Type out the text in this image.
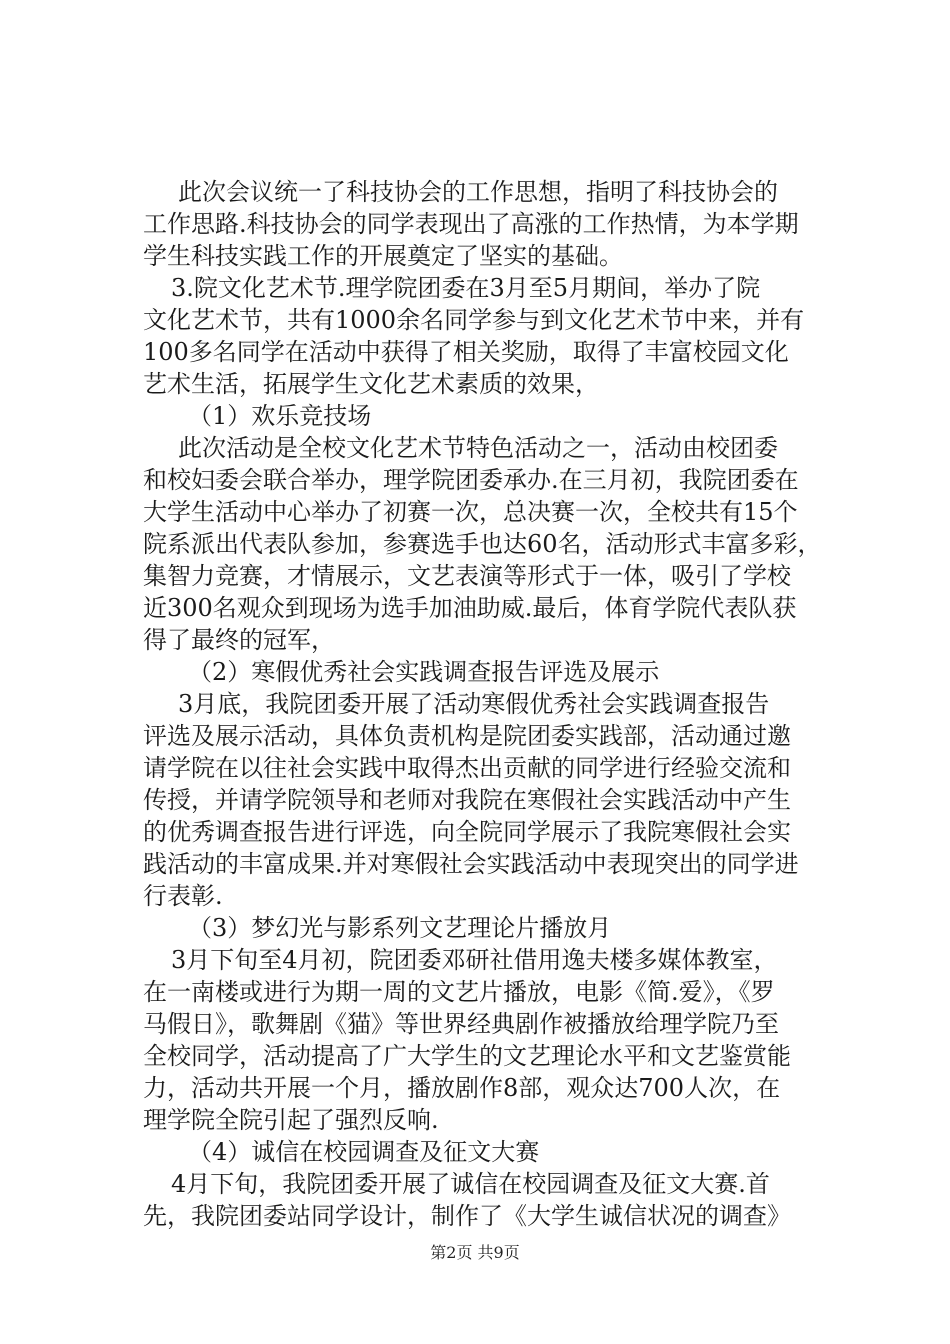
此次会议统一了科技协会的工作思想，指明了科技协会的
工作思路.科技协会的同学表现出了高涨的工作热情，为本学期
学生科技实践工作的开展奠定了坚实的基础。
3.院文化艺术节.理学院团委在3月至5月期间，举办了院
文化艺术节，共有1000余名同学参与到文化艺术节中来，并有
100多名同学在活动中获得了相关奖励，取得了丰富校园文化
艺术生活，拓展学生文化艺术素质的效果，
（1）欢乐竞技场
此次活动是全校文化艺术节特色活动之一，活动由校团委
和校妇委会联合举办，理学院团委承办.在三月初，我院团委在
大学生活动中心举办了初赛一次，总决赛一次，全校共有15个
院系派出代表队参加，参赛选手也达60名，活动形式丰富多彩，
集智力竞赛，才情展示，文艺表演等形式于一体，吸引了学校
近300名观众到现场为选手加油助威.最后，体育学院代表队获
得了最终的冠军，
（2）寒假优秀社会实践调查报告评选及展示
3月底，我院团委开展了活动寒假优秀社会实践调查报告
评选及展示活动，具体负责机构是院团委实践部，活动通过邀
请学院在以往社会实践中取得杰出贡献的同学进行经验交流和
传授，并请学院领导和老师对我院在寒假社会实践活动中产生
的优秀调查报告进行评选，向全院同学展示了我院寒假社会实
践活动的丰富成果.并对寒假社会实践活动中表现突出的同学进
行表彰.
（3）梦幻光与影系列文艺理论片播放月
3月下旬至4月初，院团委邓研社借用逸夫楼多媒体教室，
在一南楼或进行为期一周的文艺片播放，电影《简.爱》，《罗
马假日》，歌舞剧《猫》等世界经典剧作被播放给理学院乃至
全校同学，活动提高了广大学生的文艺理论水平和文艺鉴赏能
力，活动共开展一个月，播放剧作8部，观众达700人次，在
理学院全院引起了强烈反响.
（4）诚信在校园调查及征文大赛
4月下旬，我院团委开展了诚信在校园调查及征文大赛.首
先，我院团委站同学设计，制作了《大学生诚信状况的调查》
第2页 共9页
